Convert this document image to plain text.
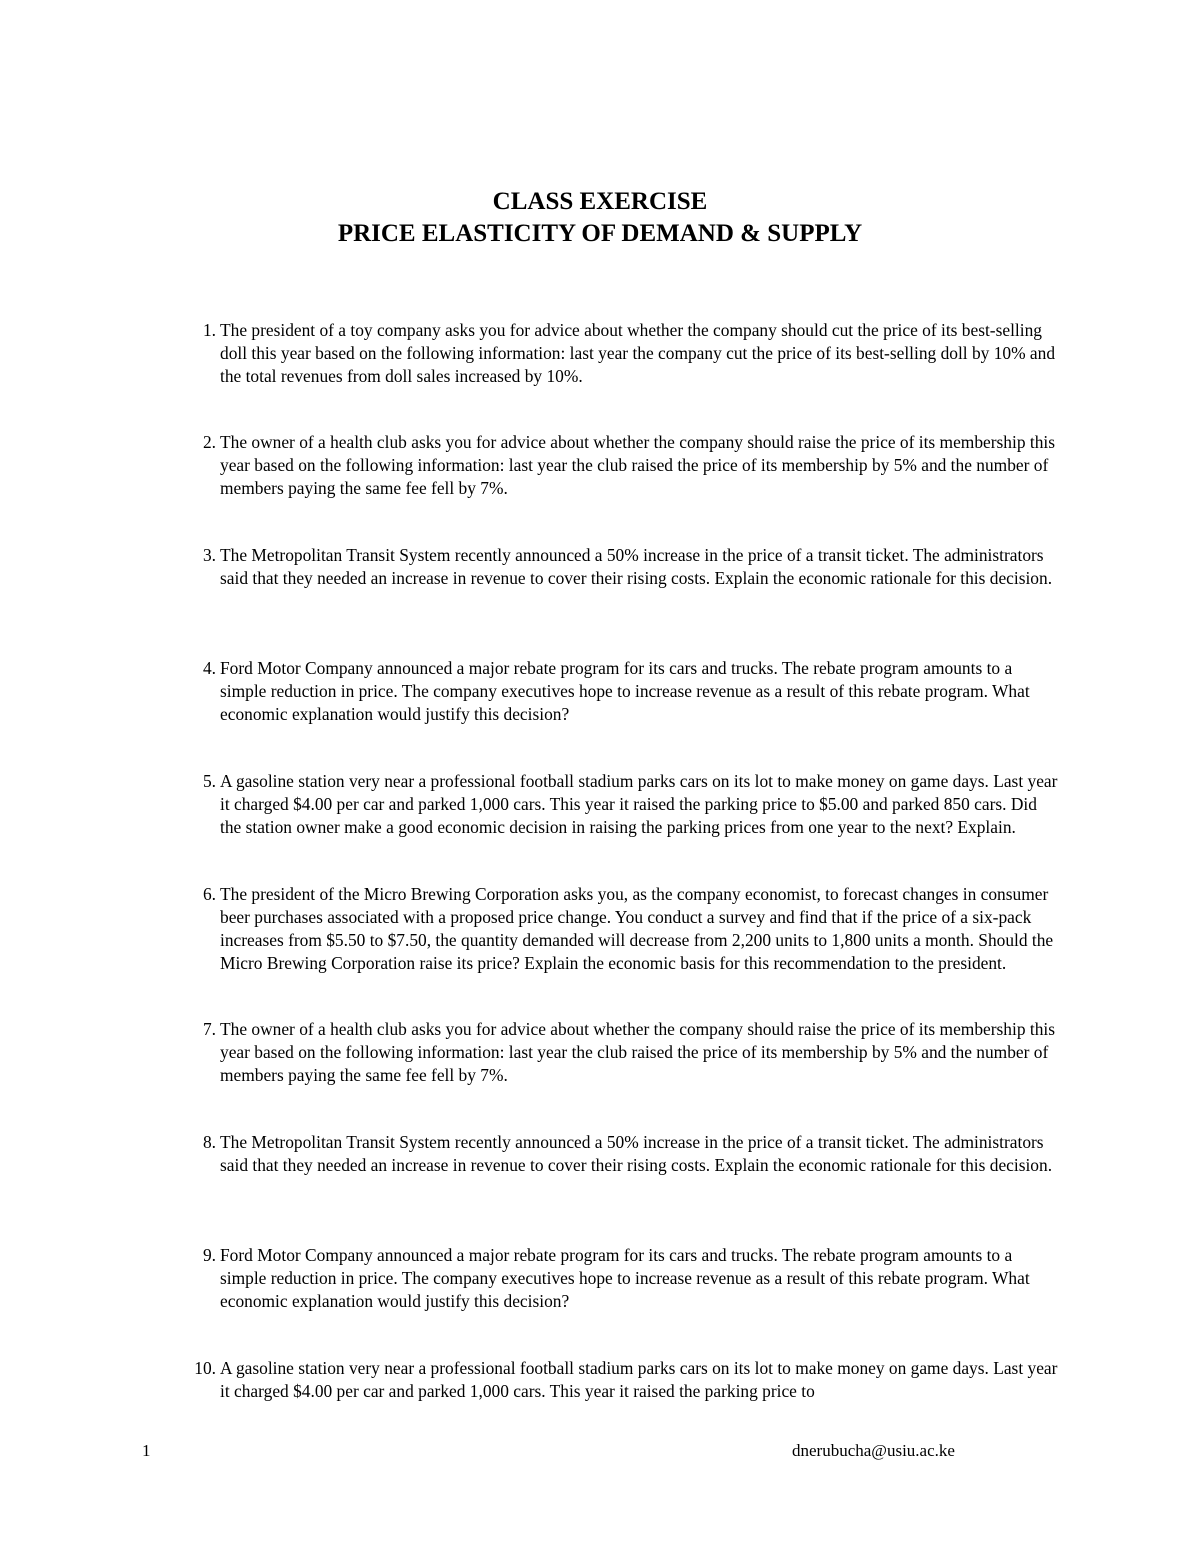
CLASS EXERCISE
PRICE ELASTICITY OF DEMAND & SUPPLY
1. The president of a toy company asks you for advice about whether the company should cut the price of its best-selling doll this year based on the following information: last year the company cut the price of its best-selling doll by 10% and the total revenues from doll sales increased by 10%.
2. The owner of a health club asks you for advice about whether the company should raise the price of its membership this year based on the following information: last year the club raised the price of its membership by 5% and the number of members paying the same fee fell by 7%.
3. The Metropolitan Transit System recently announced a 50% increase in the price of a transit ticket. The administrators said that they needed an increase in revenue to cover their rising costs. Explain the economic rationale for this decision.
4. Ford Motor Company announced a major rebate program for its cars and trucks. The rebate program amounts to a simple reduction in price. The company executives hope to increase revenue as a result of this rebate program. What economic explanation would justify this decision?
5. A gasoline station very near a professional football stadium parks cars on its lot to make money on game days. Last year it charged $4.00 per car and parked 1,000 cars. This year it raised the parking price to $5.00 and parked 850 cars. Did the station owner make a good economic decision in raising the parking prices from one year to the next? Explain.
6. The president of the Micro Brewing Corporation asks you, as the company economist, to forecast changes in consumer beer purchases associated with a proposed price change. You conduct a survey and find that if the price of a six-pack increases from $5.50 to $7.50, the quantity demanded will decrease from 2,200 units to 1,800 units a month. Should the Micro Brewing Corporation raise its price? Explain the economic basis for this recommendation to the president.
7. The owner of a health club asks you for advice about whether the company should raise the price of its membership this year based on the following information: last year the club raised the price of its membership by 5% and the number of members paying the same fee fell by 7%.
8. The Metropolitan Transit System recently announced a 50% increase in the price of a transit ticket. The administrators said that they needed an increase in revenue to cover their rising costs. Explain the economic rationale for this decision.
9. Ford Motor Company announced a major rebate program for its cars and trucks. The rebate program amounts to a simple reduction in price. The company executives hope to increase revenue as a result of this rebate program. What economic explanation would justify this decision?
10. A gasoline station very near a professional football stadium parks cars on its lot to make money on game days. Last year it charged $4.00 per car and parked 1,000 cars. This year it raised the parking price to
1	dnerubucha@usiu.ac.ke
